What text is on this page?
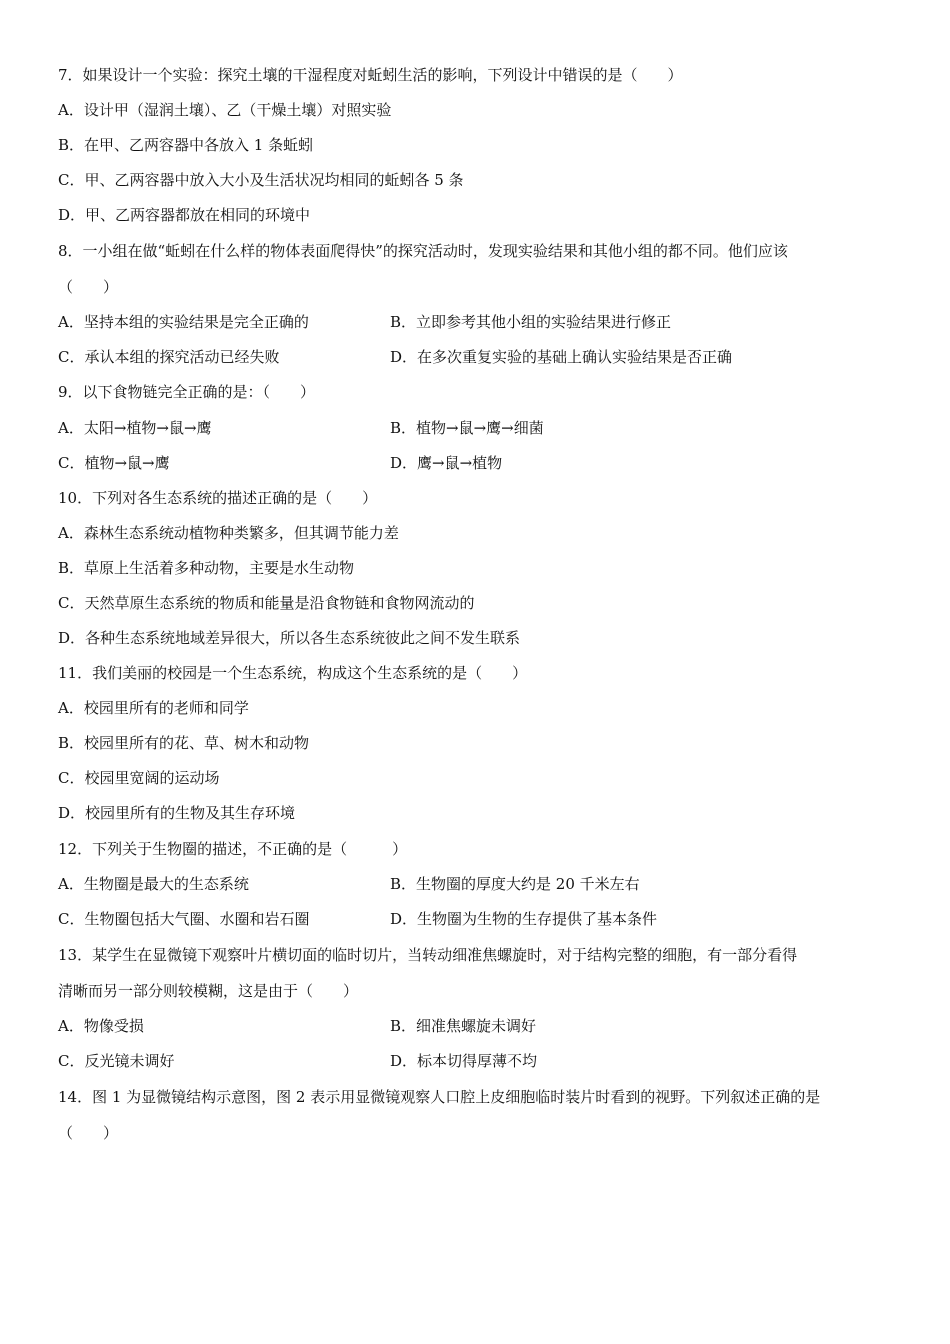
7．如果设计一个实验：探究土壤的干湿程度对蚯蚓生活的影响，下列设计中错误的是（　　）
A．设计甲（湿润土壤）、乙（干燥土壤）对照实验
B．在甲、乙两容器中各放入 1 条蚯蚓
C．甲、乙两容器中放入大小及生活状况均相同的蚯蚓各 5 条
D．甲、乙两容器都放在相同的环境中
8．一小组在做“蚯蚓在什么样的物体表面爬得快”的探究活动时，发现实验结果和其他小组的都不同。他们应该
（　　）
A．坚持本组的实验结果是完全正确的	B．立即参考其他小组的实验结果进行修正
C．承认本组的探究活动已经失败	D．在多次重复实验的基础上确认实验结果是否正确
9．以下食物链完全正确的是：（　　）
A．太阳→植物→鼠→鹰	B．植物→鼠→鹰→细菌
C．植物→鼠→鹰	D．鹰→鼠→植物
10．下列对各生态系统的描述正确的是（　　）
A．森林生态系统动植物种类繁多，但其调节能力差
B．草原上生活着多种动物，主要是水生动物
C．天然草原生态系统的物质和能量是沿食物链和食物网流动的
D．各种生态系统地域差异很大，所以各生态系统彼此之间不发生联系
11．我们美丽的校园是一个生态系统，构成这个生态系统的是（　　）
A．校园里所有的老师和同学
B．校园里所有的花、草、树木和动物
C．校园里宽阔的运动场
D．校园里所有的生物及其生存环境
12．下列关于生物圈的描述，不正确的是（　　　）
A．生物圈是最大的生态系统	B．生物圈的厚度大约是 20 千米左右
C．生物圈包括大气圈、水圈和岩石圈	D．生物圈为生物的生存提供了基本条件
13．某学生在显微镜下观察叶片横切面的临时切片，当转动细准焦螺旋时，对于结构完整的细胞，有一部分看得
清晰而另一部分则较模糊，这是由于（　　）
A．物像受损	B．细准焦螺旋未调好
C．反光镜未调好	D．标本切得厚薄不均
14．图 1 为显微镜结构示意图，图 2 表示用显微镜观察人口腔上皮细胞临时装片时看到的视野。下列叙述正确的是
（　　）
